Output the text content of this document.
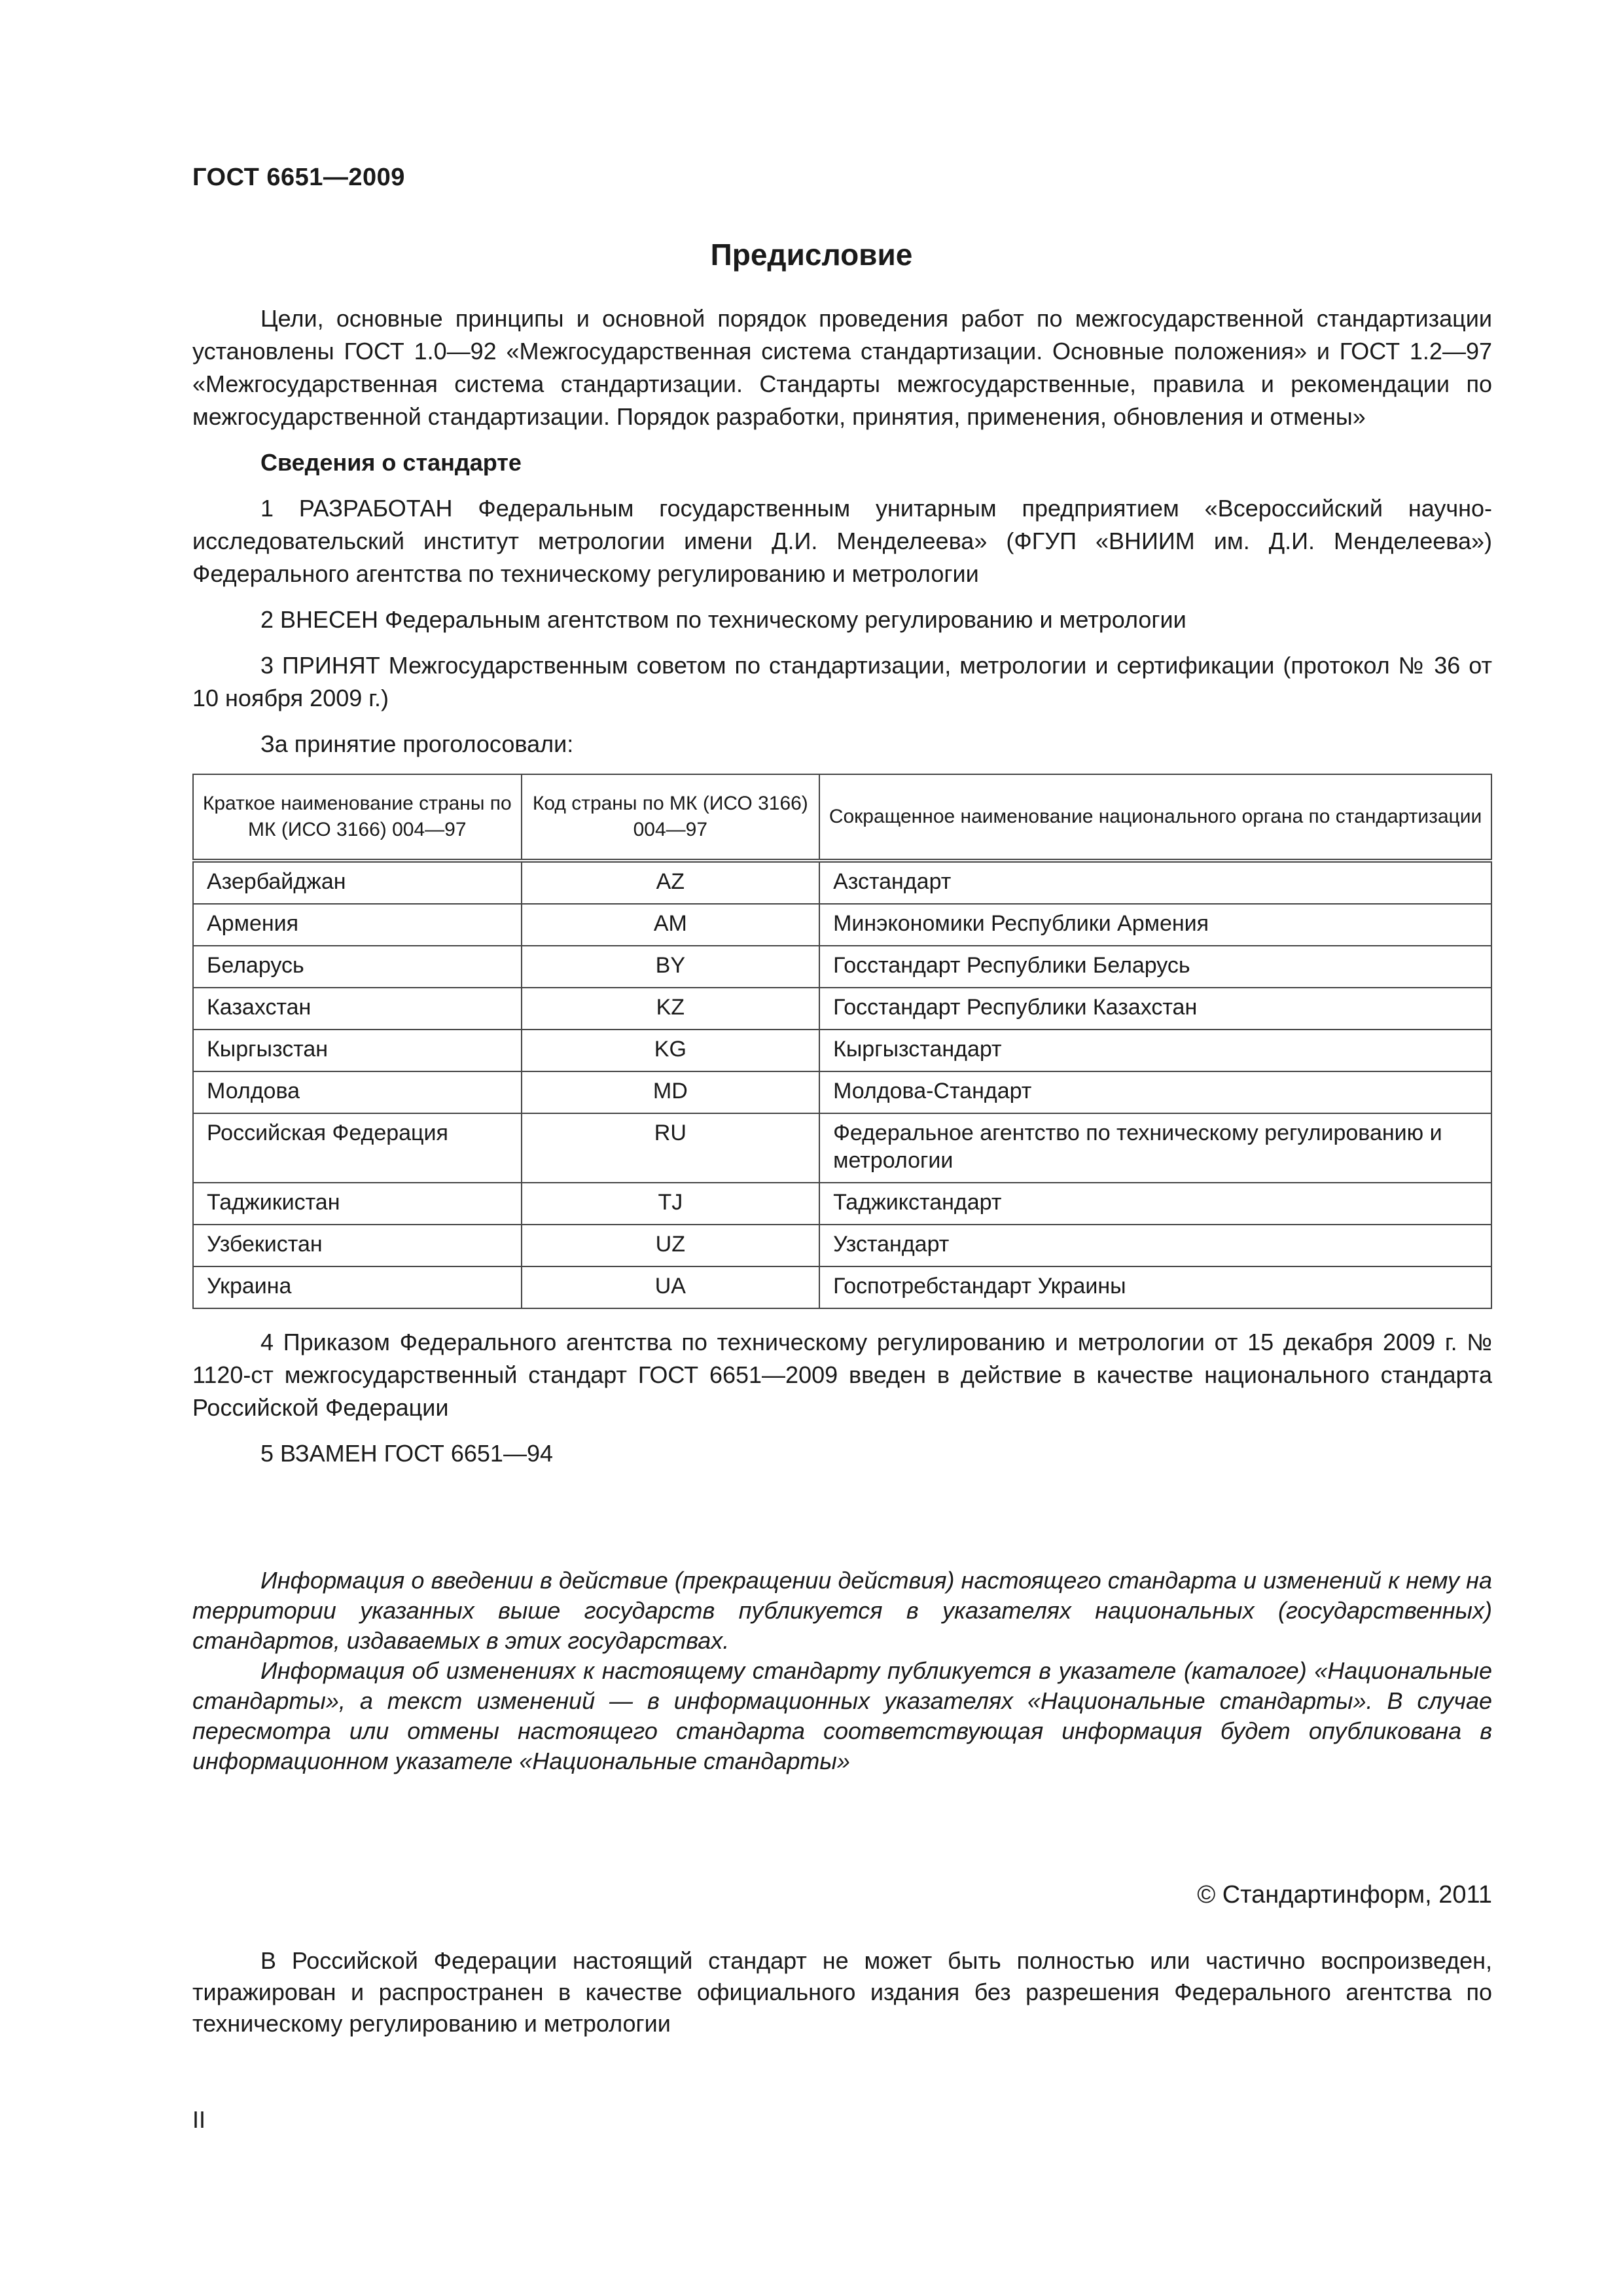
ГОСТ 6651—2009
Предисловие

Цели, основные принципы и основной порядок проведения работ по межгосударственной стандартизации установлены ГОСТ 1.0—92 «Межгосударственная система стандартизации. Основные положения» и ГОСТ 1.2—97 «Межгосударственная система стандартизации. Стандарты межгосударственные, правила и рекомендации по межгосударственной стандартизации. Порядок разработки, принятия, применения, обновления и отмены»

Сведения о стандарте

1 РАЗРАБОТАН Федеральным государственным унитарным предприятием «Всероссийский научно-исследовательский институт метрологии имени Д.И. Менделеева» (ФГУП «ВНИИМ им. Д.И. Менделеева») Федерального агентства по техническому регулированию и метрологии

2 ВНЕСЕН Федеральным агентством по техническому регулированию и метрологии

3 ПРИНЯТ Межгосударственным советом по стандартизации, метрологии и сертификации (протокол № 36 от 10 ноября 2009 г.)

За принятие проголосовали:

Краткое наименование страны по МК (ИСО 3166) 004—97	Код страны по МК (ИСО 3166) 004—97	Сокращенное наименование национального органа по стандартизации
Азербайджан	AZ	Азстандарт
Армения	AM	Минэкономики Республики Армения
Беларусь	BY	Госстандарт Республики Беларусь
Казахстан	KZ	Госстандарт Республики Казахстан
Кыргызстан	KG	Кыргызстандарт
Молдова	MD	Молдова-Стандарт
Российская Федерация	RU	Федеральное агентство по техническому регулированию и метрологии
Таджикистан	TJ	Таджикстандарт
Узбекистан	UZ	Узстандарт
Украина	UA	Госпотребстандарт Украины

4 Приказом Федерального агентства по техническому регулированию и метрологии от 15 декабря 2009 г. № 1120-ст межгосударственный стандарт ГОСТ 6651—2009 введен в действие в качестве национального стандарта Российской Федерации

5 ВЗАМЕН ГОСТ 6651—94

Информация о введении в действие (прекращении действия) настоящего стандарта и изменений к нему на территории указанных выше государств публикуется в указателях национальных (государственных) стандартов, издаваемых в этих государствах.

Информация об изменениях к настоящему стандарту публикуется в указателе (каталоге) «Национальные стандарты», а текст изменений — в информационных указателях «Национальные стандарты». В случае пересмотра или отмены настоящего стандарта соответствующая информация будет опубликована в информационном указателе «Национальные стандарты»

© Стандартинформ, 2011

В Российской Федерации настоящий стандарт не может быть полностью или частично воспроизведен, тиражирован и распространен в качестве официального издания без разрешения Федерального агентства по техническому регулированию и метрологии

II
